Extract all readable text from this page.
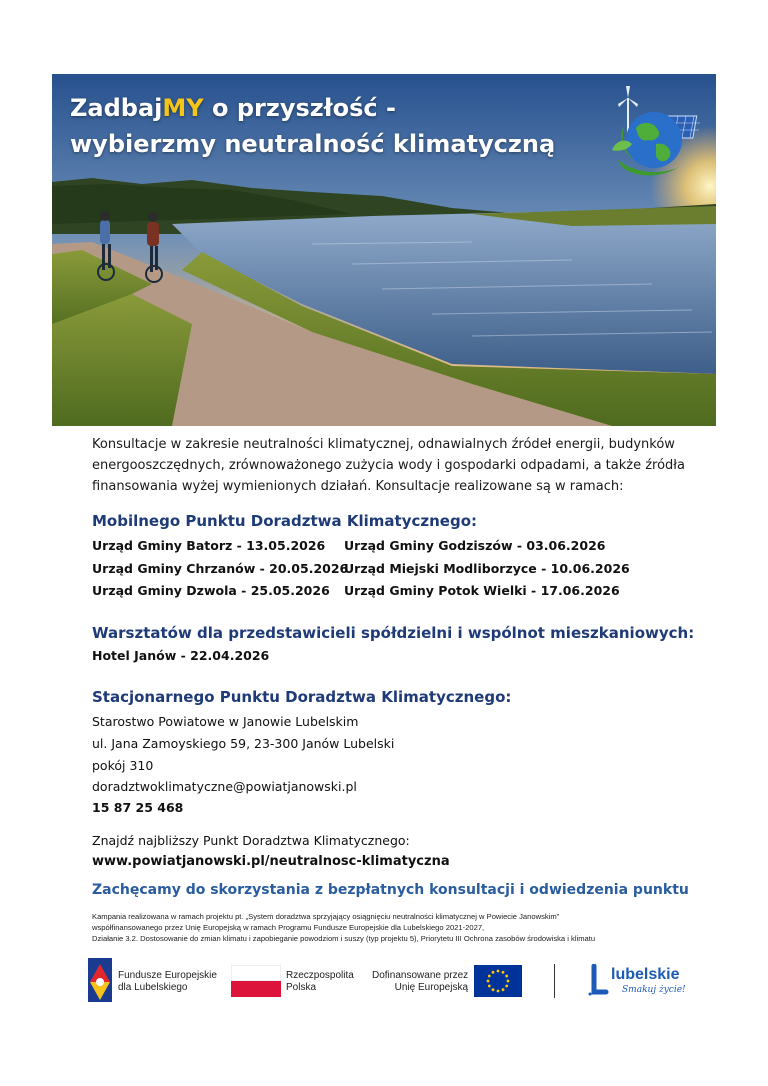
ZadbajMY o przyszłość -
wybierzmy neutralność klimatyczną
Konsultacje w zakresie neutralności klimatycznej, odnawialnych źródeł energii, budynków
energooszczędnych, zrównoważonego zużycia wody i gospodarki odpadami, a także źródła
finansowania wyżej wymienionych działań. Konsultacje realizowane są w ramach:
Mobilnego Punktu Doradztwa Klimatycznego:
Urząd Gminy Batorz - 13.05.2026
Urząd Gminy Chrzanów - 20.05.2026
Urząd Gminy Dzwola - 25.05.2026
Urząd Gminy Godziszów - 03.06.2026
Urząd Miejski Modliborzyce - 10.06.2026
Urząd Gminy Potok Wielki - 17.06.2026
Warsztatów dla przedstawicieli spółdzielni i wspólnot mieszkaniowych:
Hotel Janów - 22.04.2026
Stacjonarnego Punktu Doradztwa Klimatycznego:
Starostwo Powiatowe w Janowie Lubelskim
ul. Jana Zamoyskiego 59, 23-300 Janów Lubelski
pokój 310
doradztwoklimatyczne@powiatjanowski.pl
15 87 25 468
Znajdź najbliższy Punkt Doradztwa Klimatycznego:
www.powiatjanowski.pl/neutralnosc-klimatyczna
Zachęcamy do skorzystania z bezpłatnych konsultacji i odwiedzenia punktu
Kampania realizowana w ramach projektu pt. „System doradztwa sprzyjający osiągnięciu neutralności klimatycznej w Powiecie Janowskim”
współfinansowanego przez Unię Europejską w ramach Programu Fundusze Europejskie dla Lubelskiego 2021-2027,
Działanie 3.2. Dostosowanie do zmian klimatu i zapobieganie powodziom i suszy (typ projektu 5), Priorytetu III Ochrona zasobów środowiska i klimatu
Fundusze Europejskie
dla Lubelskiego
Rzeczpospolita
Polska
Dofinansowane przez
Unię Europejską
lubelskie
Smakuj życie!
